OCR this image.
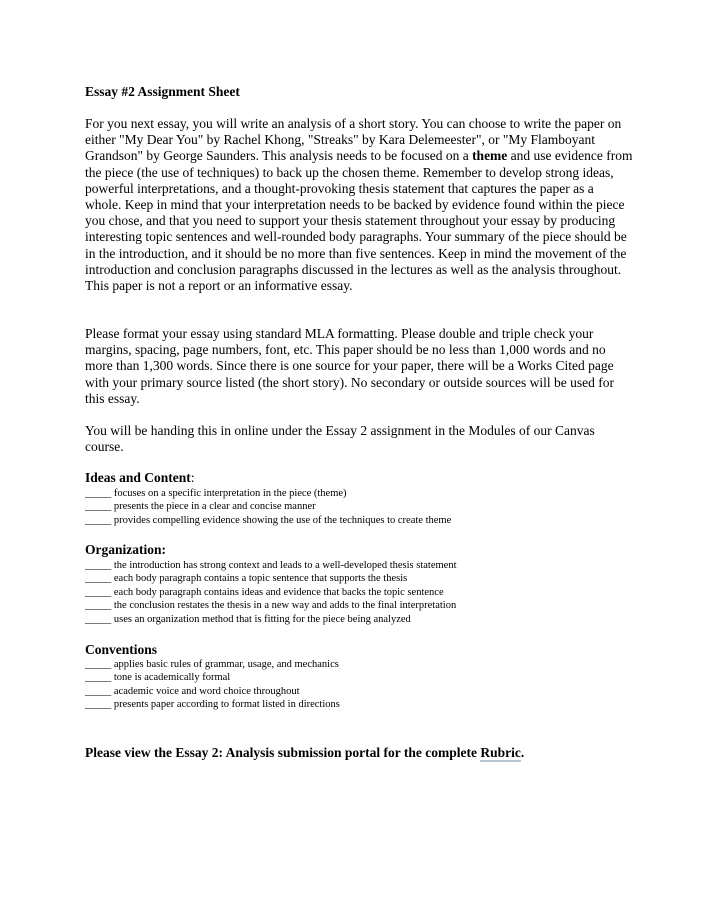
Essay #2 Assignment Sheet

For you next essay, you will write an analysis of a short story. You can choose to write the paper on either "My Dear You" by Rachel Khong, "Streaks" by Kara Delemeester", or "My Flamboyant Grandson" by George Saunders. This analysis needs to be focused on a theme and use evidence from the piece (the use of techniques) to back up the chosen theme. Remember to develop strong ideas, powerful interpretations, and a thought-provoking thesis statement that captures the paper as a whole. Keep in mind that your interpretation needs to be backed by evidence found within the piece you chose, and that you need to support your thesis statement throughout your essay by producing interesting topic sentences and well-rounded body paragraphs. Your summary of the piece should be in the introduction, and it should be no more than five sentences. Keep in mind the movement of the introduction and conclusion paragraphs discussed in the lectures as well as the analysis throughout. This paper is not a report or an informative essay.

Please format your essay using standard MLA formatting. Please double and triple check your margins, spacing, page numbers, font, etc. This paper should be no less than 1,000 words and no more than 1,300 words. Since there is one source for your paper, there will be a Works Cited page with your primary source listed (the short story). No secondary or outside sources will be used for this essay.

You will be handing this in online under the Essay 2 assignment in the Modules of our Canvas course.

Ideas and Content:
_____ focuses on a specific interpretation in the piece (theme)
_____ presents the piece in a clear and concise manner
_____ provides compelling evidence showing the use of the techniques to create theme
Organization:
_____ the introduction has strong context and leads to a well-developed thesis statement
_____ each body paragraph contains a topic sentence that supports the thesis
_____ each body paragraph contains ideas and evidence that backs the topic sentence
_____ the conclusion restates the thesis in a new way and adds to the final interpretation
_____ uses an organization method that is fitting for the piece being analyzed
Conventions
_____ applies basic rules of grammar, usage, and mechanics
_____ tone is academically formal
_____ academic voice and word choice throughout
_____ presents paper according to format listed in directions
Please view the Essay 2: Analysis submission portal for the complete Rubric.
